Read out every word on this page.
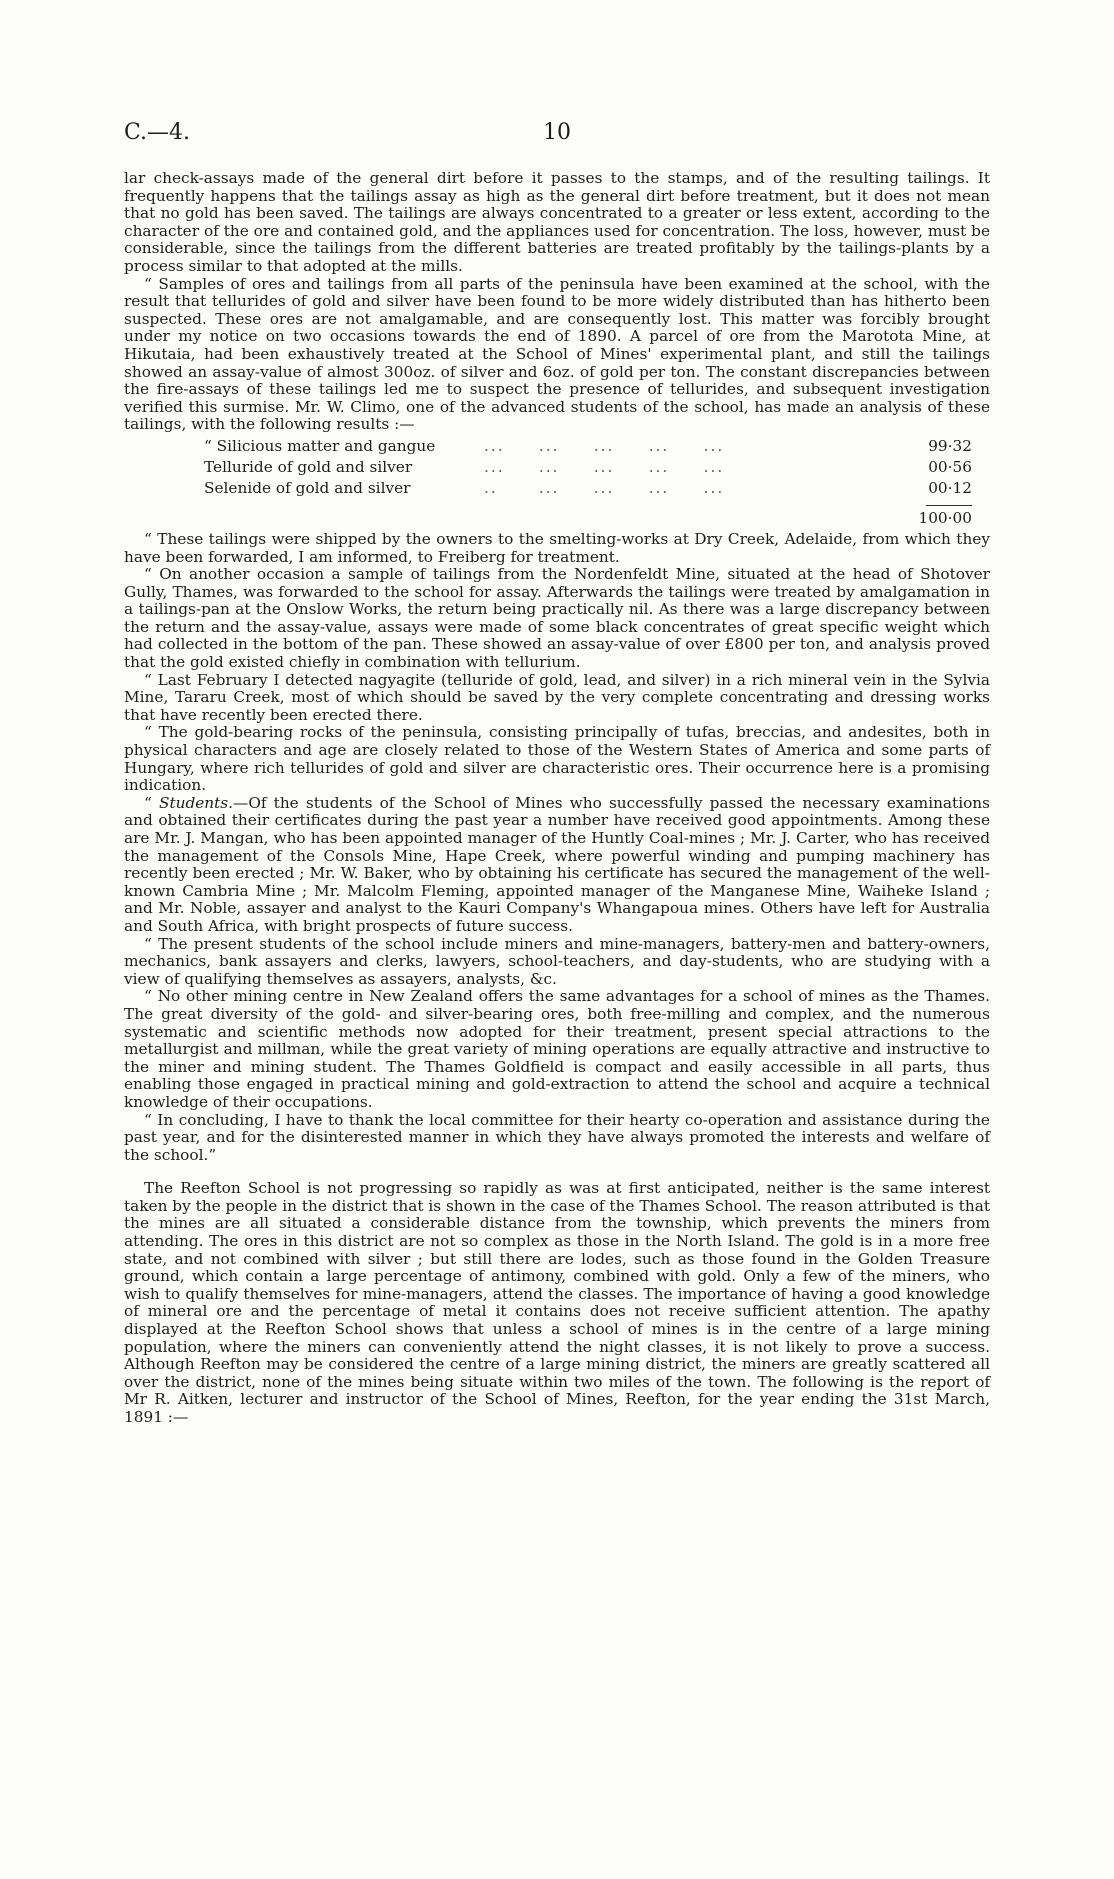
C.—4.	10

lar check-assays made of the general dirt before it passes to the stamps, and of the resulting tailings. It frequently happens that the tailings assay as high as the general dirt before treatment, but it does not mean that no gold has been saved. The tailings are always concentrated to a greater or less extent, according to the character of the ore and contained gold, and the appliances used for concentration. The loss, however, must be considerable, since the tailings from the different batteries are treated profitably by the tailings-plants by a process similar to that adopted at the mills.

“ Samples of ores and tailings from all parts of the peninsula have been examined at the school, with the result that tellurides of gold and silver have been found to be more widely distributed than has hitherto been suspected. These ores are not amalgamable, and are consequently lost. This matter was forcibly brought under my notice on two occasions towards the end of 1890. A parcel of ore from the Marotota Mine, at Hikutaia, had been exhaustively treated at the School of Mines' experimental plant, and still the tailings showed an assay-value of almost 300oz. of silver and 6oz. of gold per ton. The constant discrepancies between the fire-assays of these tailings led me to suspect the presence of tellurides, and subsequent investigation verified this surmise. Mr. W. Climo, one of the advanced students of the school, has made an analysis of these tailings, with the following results :—

“ Silicious matter and gangue	...     ...     ...     ...     ...	99·32
Telluride of gold and silver	...     ...     ...     ...     ...	00·56
Selenide of gold and silver	..      ...     ...     ...     ...	00·12
100·00

“ These tailings were shipped by the owners to the smelting-works at Dry Creek, Adelaide, from which they have been forwarded, I am informed, to Freiberg for treatment.

“ On another occasion a sample of tailings from the Nordenfeldt Mine, situated at the head of Shotover Gully, Thames, was forwarded to the school for assay. Afterwards the tailings were treated by amalgamation in a tailings-pan at the Onslow Works, the return being practically nil. As there was a large discrepancy between the return and the assay-value, assays were made of some black concentrates of great specific weight which had collected in the bottom of the pan. These showed an assay-value of over £800 per ton, and analysis proved that the gold existed chiefly in combination with tellurium.

“ Last February I detected nagyagite (telluride of gold, lead, and silver) in a rich mineral vein in the Sylvia Mine, Tararu Creek, most of which should be saved by the very complete concentrating and dressing works that have recently been erected there.

“ The gold-bearing rocks of the peninsula, consisting principally of tufas, breccias, and andesites, both in physical characters and age are closely related to those of the Western States of America and some parts of Hungary, where rich tellurides of gold and silver are characteristic ores. Their occurrence here is a promising indication.

“ Students.—Of the students of the School of Mines who successfully passed the necessary examinations and obtained their certificates during the past year a number have received good appointments. Among these are Mr. J. Mangan, who has been appointed manager of the Huntly Coal-mines ; Mr. J. Carter, who has received the management of the Consols Mine, Hape Creek, where powerful winding and pumping machinery has recently been erected ; Mr. W. Baker, who by obtaining his certificate has secured the management of the well-known Cambria Mine ; Mr. Malcolm Fleming, appointed manager of the Manganese Mine, Waiheke Island ; and Mr. Noble, assayer and analyst to the Kauri Company's Whangapoua mines. Others have left for Australia and South Africa, with bright prospects of future success.

“ The present students of the school include miners and mine-managers, battery-men and battery-owners, mechanics, bank assayers and clerks, lawyers, school-teachers, and day-students, who are studying with a view of qualifying themselves as assayers, analysts, &c.

“ No other mining centre in New Zealand offers the same advantages for a school of mines as the Thames. The great diversity of the gold- and silver-bearing ores, both free-milling and complex, and the numerous systematic and scientific methods now adopted for their treatment, present special attractions to the metallurgist and millman, while the great variety of mining operations are equally attractive and instructive to the miner and mining student. The Thames Goldfield is compact and easily accessible in all parts, thus enabling those engaged in practical mining and gold-extraction to attend the school and acquire a technical knowledge of their occupations.

“ In concluding, I have to thank the local committee for their hearty co-operation and assistance during the past year, and for the disinterested manner in which they have always promoted the interests and welfare of the school.”

The Reefton School is not progressing so rapidly as was at first anticipated, neither is the same interest taken by the people in the district that is shown in the case of the Thames School. The reason attributed is that the mines are all situated a considerable distance from the township, which prevents the miners from attending. The ores in this district are not so complex as those in the North Island. The gold is in a more free state, and not combined with silver ; but still there are lodes, such as those found in the Golden Treasure ground, which contain a large percentage of antimony, combined with gold. Only a few of the miners, who wish to qualify themselves for mine-managers, attend the classes. The importance of having a good knowledge of mineral ore and the percentage of metal it contains does not receive sufficient attention. The apathy displayed at the Reefton School shows that unless a school of mines is in the centre of a large mining population, where the miners can conveniently attend the night classes, it is not likely to prove a success. Although Reefton may be considered the centre of a large mining district, the miners are greatly scattered all over the district, none of the mines being situate within two miles of the town. The following is the report of Mr R. Aitken, lecturer and instructor of the School of Mines, Reefton, for the year ending the 31st March, 1891 :—
